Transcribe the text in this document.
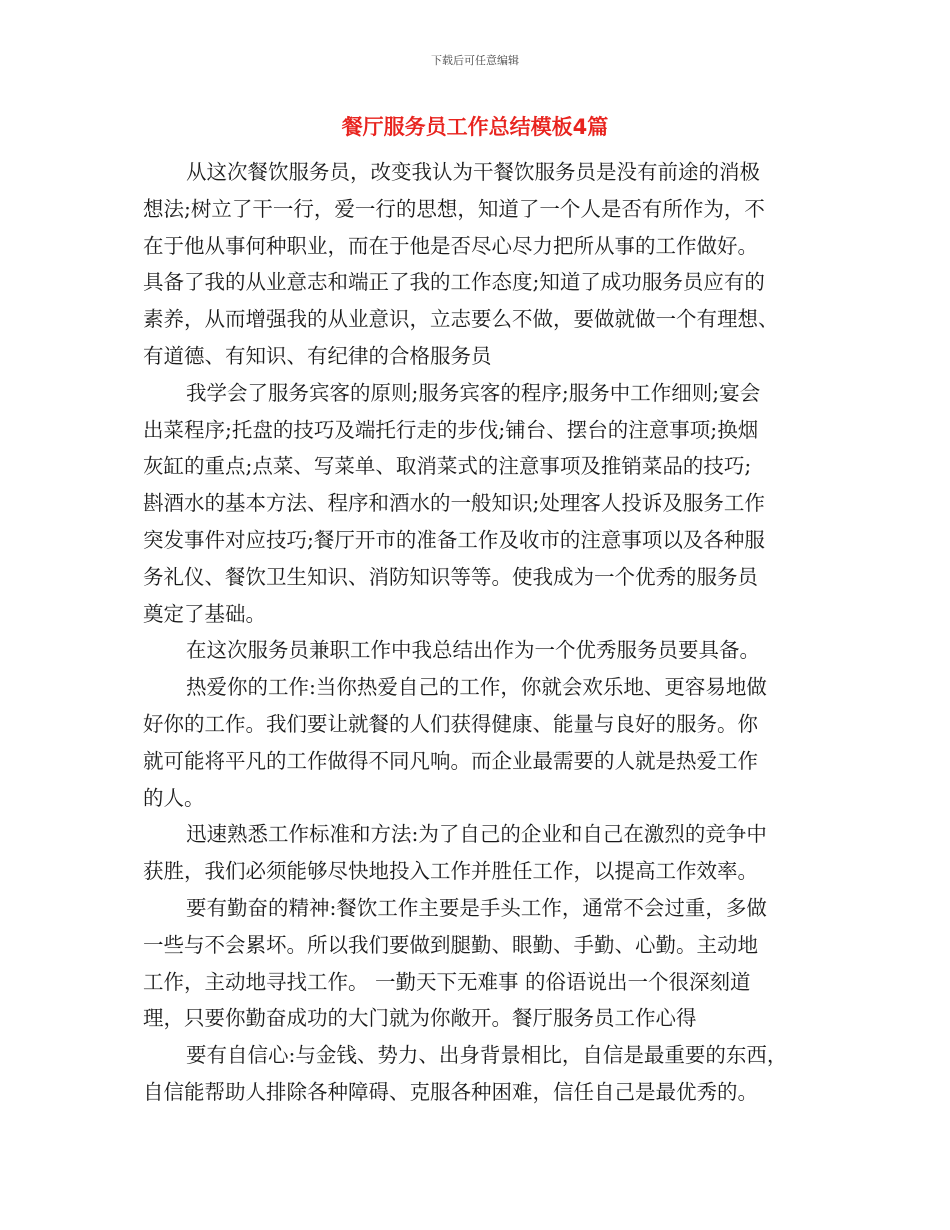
下载后可任意编辑
餐厅服务员工作总结模板4篇
从这次餐饮服务员，改变我认为干餐饮服务员是没有前途的消极
想法;树立了干一行，爱一行的思想，知道了一个人是否有所作为，不
在于他从事何种职业，而在于他是否尽心尽力把所从事的工作做好。
具备了我的从业意志和端正了我的工作态度;知道了成功服务员应有的
素养，从而增强我的从业意识，立志要么不做，要做就做一个有理想、
有道德、有知识、有纪律的合格服务员
我学会了服务宾客的原则;服务宾客的程序;服务中工作细则;宴会
出菜程序;托盘的技巧及端托行走的步伐;铺台、摆台的注意事项;换烟
灰缸的重点;点菜、写菜单、取消菜式的注意事项及推销菜品的技巧;
斟酒水的基本方法、程序和酒水的一般知识;处理客人投诉及服务工作
突发事件对应技巧;餐厅开市的准备工作及收市的注意事项以及各种服
务礼仪、餐饮卫生知识、消防知识等等。使我成为一个优秀的服务员
奠定了基础。
在这次服务员兼职工作中我总结出作为一个优秀服务员要具备。
热爱你的工作:当你热爱自己的工作，你就会欢乐地、更容易地做
好你的工作。我们要让就餐的人们获得健康、能量与良好的服务。你
就可能将平凡的工作做得不同凡响。而企业最需要的人就是热爱工作
的人。
迅速熟悉工作标准和方法:为了自己的企业和自己在激烈的竞争中
获胜，我们必须能够尽快地投入工作并胜任工作，以提高工作效率。
要有勤奋的精神:餐饮工作主要是手头工作，通常不会过重，多做
一些与不会累坏。所以我们要做到腿勤、眼勤、手勤、心勤。主动地
工作，主动地寻找工作。 一勤天下无难事 的俗语说出一个很深刻道
理，只要你勤奋成功的大门就为你敞开。餐厅服务员工作心得
要有自信心:与金钱、势力、出身背景相比，自信是最重要的东西，
自信能帮助人排除各种障碍、克服各种困难，信任自己是最优秀的。
